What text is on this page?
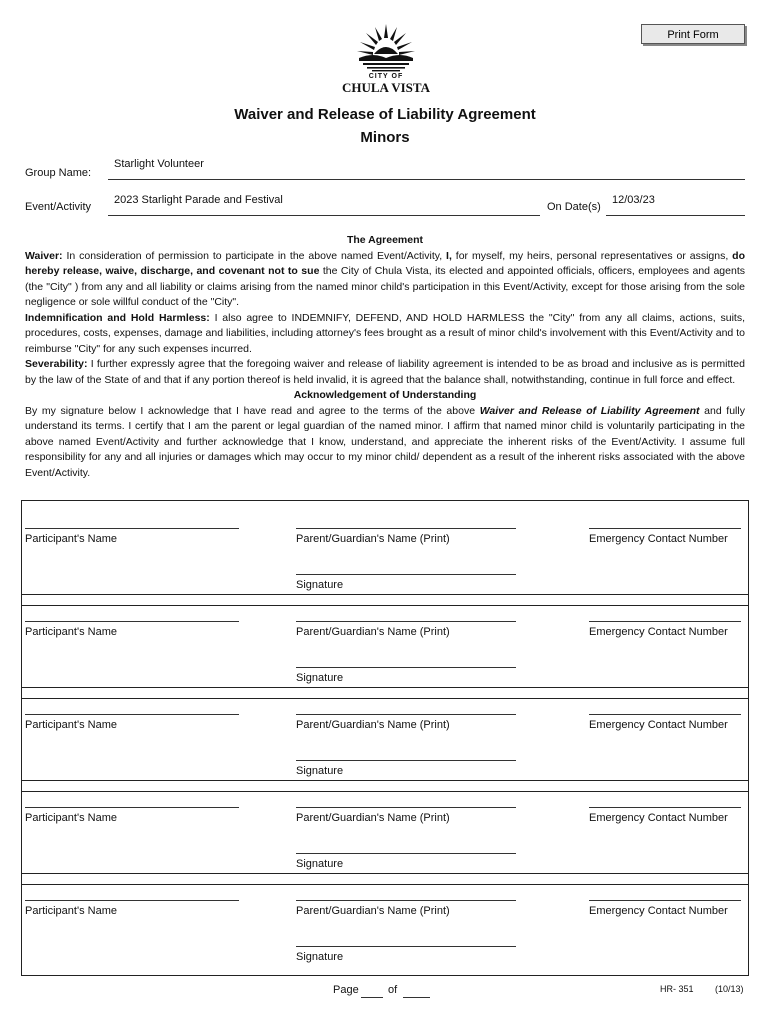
Print Form
CITY OF
CHULA VISTA
Waiver and Release of Liability Agreement
Minors
Group Name:
Starlight Volunteer
Event/Activity
2023 Starlight Parade and Festival
On Date(s)
12/03/23

The Agreement

Waiver: In consideration of permission to participate in the above named Event/Activity, I, for myself, my heirs, personal representatives or assigns, do hereby release, waive, discharge, and covenant not to sue the City of Chula Vista, its elected and appointed officials, officers, employees and agents (the "City" ) from any and all liability or claims arising from the named minor child's participation in this Event/Activity, except for those arising from the sole negligence or sole willful conduct of the "City".

Indemnification and Hold Harmless: I also agree to INDEMNIFY, DEFEND, AND HOLD HARMLESS the "City" from any all claims, actions, suits, procedures, costs, expenses, damage and liabilities, including attorney's fees brought as a result of minor child's involvement with this Event/Activity and to reimburse "City" for any such expenses incurred.

Severability: I further expressly agree that the foregoing waiver and release of liability agreement is intended to be as broad and inclusive as is permitted by the law of the State of and that if any portion thereof is held invalid, it is agreed that the balance shall, notwithstanding, continue in full force and effect.

Acknowledgement of Understanding

By my signature below I acknowledge that I have read and agree to the terms of the above Waiver and Release of Liability Agreement and fully understand its terms. I certify that I am the parent or legal guardian of the named minor. I affirm that named minor child is voluntarily participating in the above named Event/Activity and further acknowledge that I know, understand, and appreciate the inherent risks of the Event/Activity. I assume full responsibility for any and all injuries or damages which may occur to my minor child/ dependent as a result of the inherent risks associated with the above Event/Activity.

Participant's Name	Parent/Guardian's Name (Print)	Emergency Contact Number
Signature
Participant's Name	Parent/Guardian's Name (Print)	Emergency Contact Number
Signature
Participant's Name	Parent/Guardian's Name (Print)	Emergency Contact Number
Signature
Participant's Name	Parent/Guardian's Name (Print)	Emergency Contact Number
Signature
Participant's Name	Parent/Guardian's Name (Print)	Emergency Contact Number
Signature
Page	of	HR- 351 (10/13)
